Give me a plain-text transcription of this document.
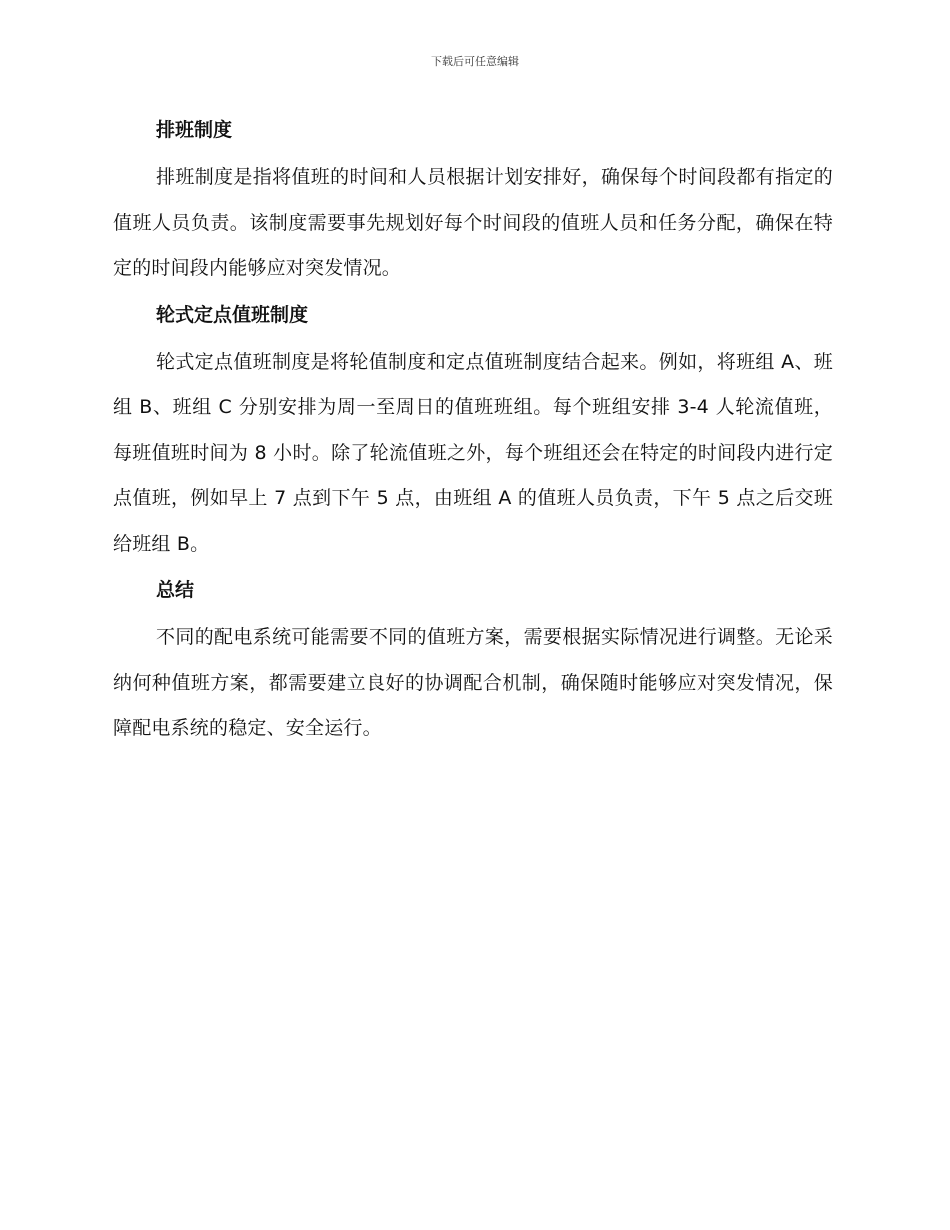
下载后可任意编辑
排班制度

排班制度是指将值班的时间和人员根据计划安排好，确保每个时间段都有指定的值班人员负责。该制度需要事先规划好每个时间段的值班人员和任务分配，确保在特定的时间段内能够应对突发情况。

轮式定点值班制度

轮式定点值班制度是将轮值制度和定点值班制度结合起来。例如，将班组 A、班组 B、班组 C 分别安排为周一至周日的值班班组。每个班组安排 3-4 人轮流值班，每班值班时间为 8 小时。除了轮流值班之外，每个班组还会在特定的时间段内进行定点值班，例如早上 7 点到下午 5 点，由班组 A 的值班人员负责，下午 5 点之后交班给班组 B。

总结

不同的配电系统可能需要不同的值班方案，需要根据实际情况进行调整。无论采纳何种值班方案，都需要建立良好的协调配合机制，确保随时能够应对突发情况，保障配电系统的稳定、安全运行。
